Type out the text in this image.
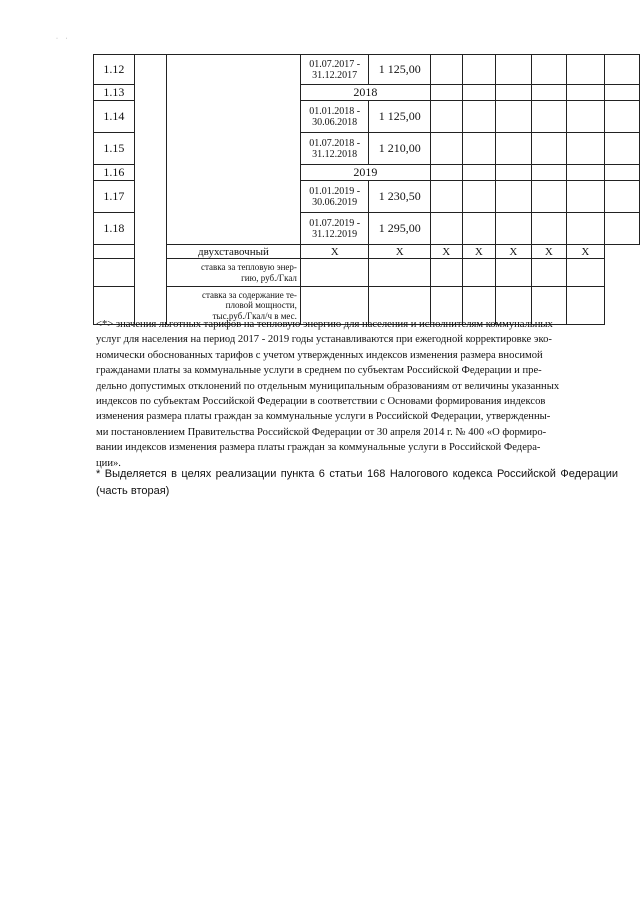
· ·
1.12			01.07.2017 -
31.12.2017	1 125,00						
1.13			2018							
1.14			01.01.2018 -
30.06.2018	1 125,00						
1.15			01.07.2018 -
31.12.2018	1 210,00						
1.16			2019							
1.17			01.01.2019 -
30.06.2019	1 230,50						
1.18			01.07.2019 -
31.12.2019	1 295,00						
		двухставочный	X	X	X	X	X	X	X	
		ставка за тепловую энер-
гию, руб./Гкал								
		ставка за содержание те-
пловой мощности,
тыс.руб./Гкал/ч в мес.								
<*> значения льготных тарифов на тепловую энергию для населения и исполнителям коммунальных
услуг для населения на период 2017 - 2019 годы устанавливаются при ежегодной корректировке эко-
номически обоснованных тарифов с учетом утвержденных индексов изменения размера вносимой
гражданами платы за коммунальные услуги в среднем по субъектам Российской Федерации и пре-
дельно допустимых отклонений по отдельным муниципальным образованиям от величины указанных
индексов по субъектам Российской Федерации в соответствии с Основами формирования индексов
изменения размера платы граждан за коммунальные услуги в Российской Федерации, утвержденны-
ми постановлением Правительства Российской Федерации от 30 апреля 2014 г. № 400 «О формиро-
вании индексов изменения размера платы граждан за коммунальные услуги в Российской Федера-
ции».
* Выделяется в целях реализации пункта 6 статьи 168 Налогового кодекса Российской Федерации (часть вторая)
